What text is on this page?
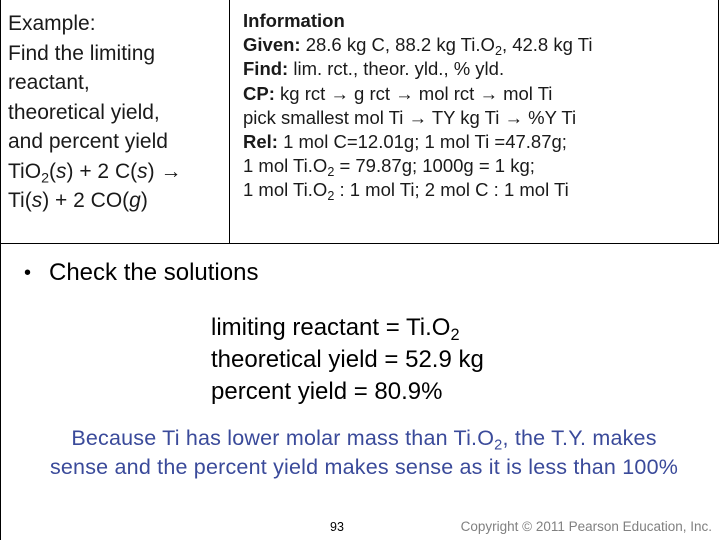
Example:
Find the limiting
reactant,
theoretical yield,
and percent yield
TiO$_2$(s) + 2 C(s) →
Ti(s) + 2 CO(g)
Information
Given: 28.6 kg C, 88.2 kg $Ti.O_2$, 42.8 kg Ti
Find: lim. rct., theor. yld., % yld.
CP: kg rct → g rct → mol rct → mol Ti
pick smallest mol Ti → TY kg Ti → %Y Ti
Rel: 1 mol C=12.01g; 1 mol Ti =47.87g;
1 mol $Ti.O_2 = 79.87g$; 1000g = 1 kg;
1 mol $Ti.O_2$ : 1 mol Ti; 2 mol C : 1 mol Ti
• Check the solutions
limiting reactant = $Ti.O_2$
theoretical yield = 52.9 kg
percent yield = 80.9%
Because Ti has lower molar mass than $Ti.O_2$, the T.Y. makes
sense and the percent yield makes sense as it is less than 100%
93	Copyright © 2011 Pearson Education, Inc.
